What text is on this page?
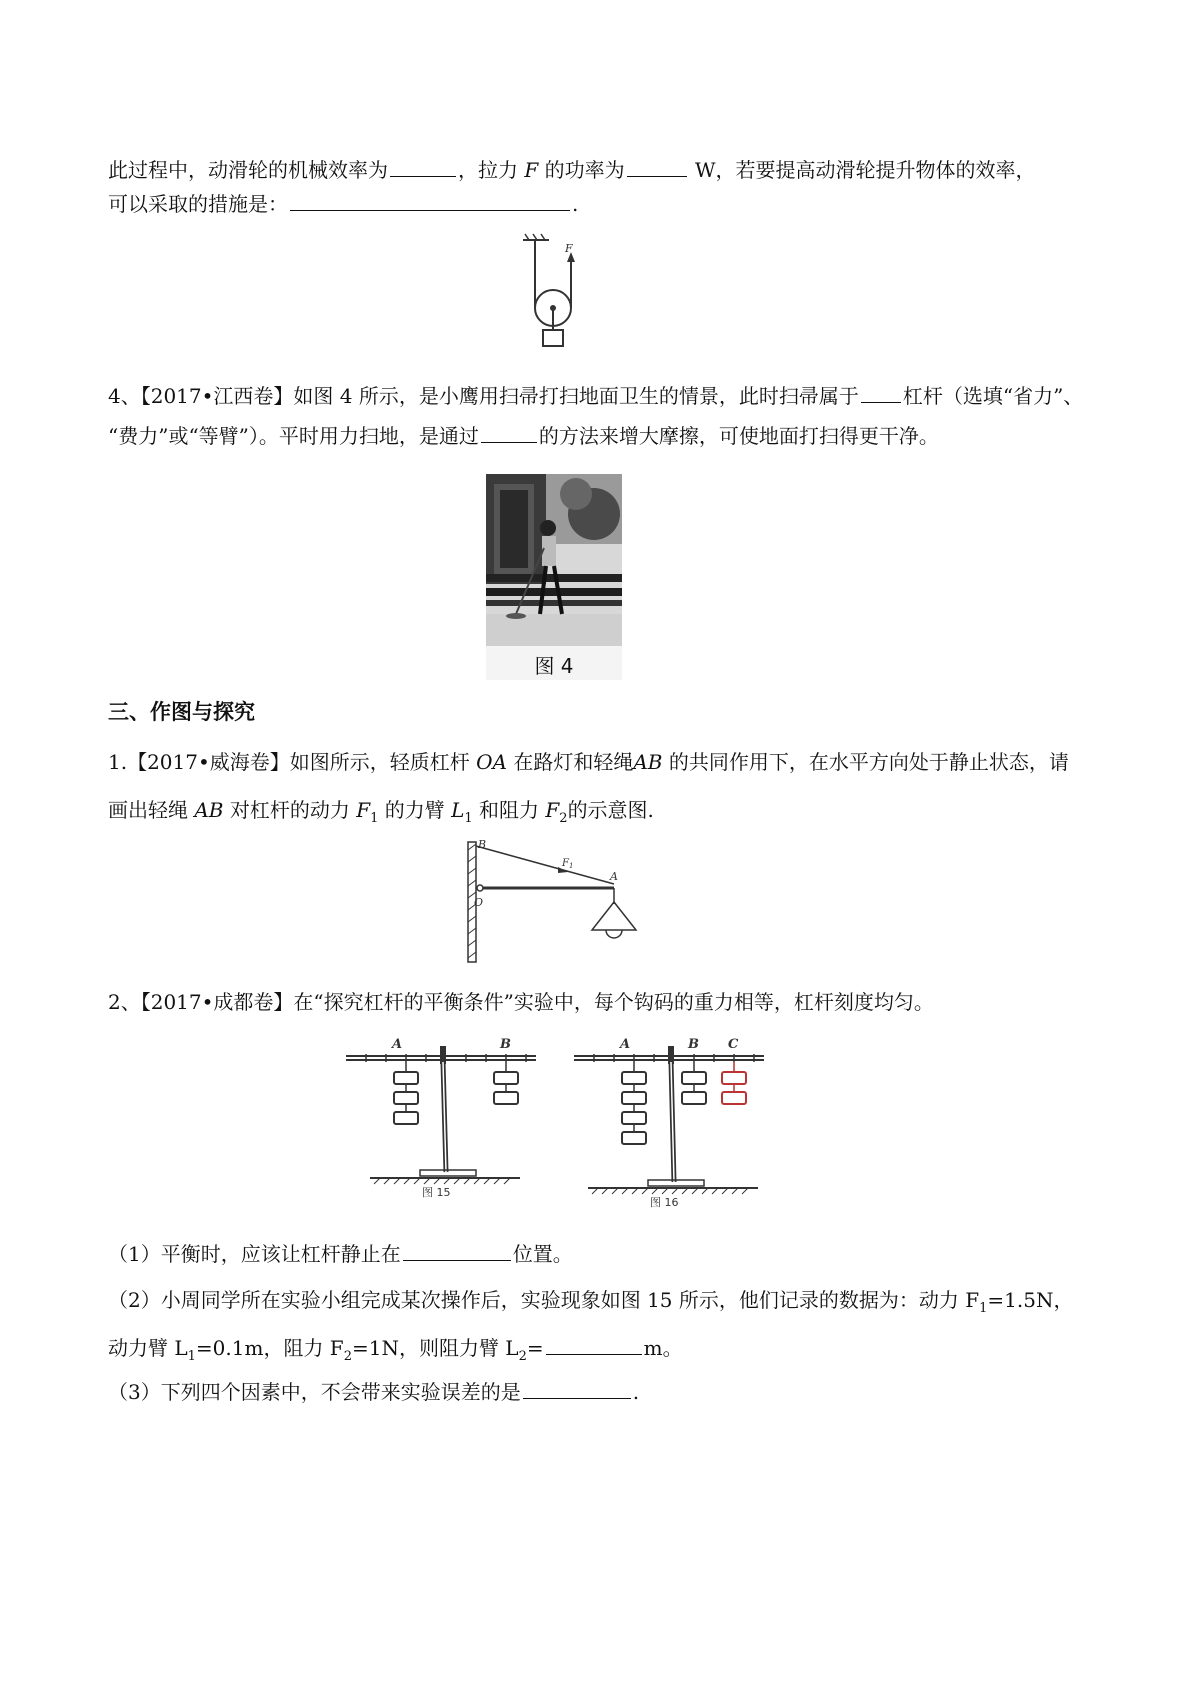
此过程中，动滑轮的机械效率为	，拉力 F 的功率为	W，若要提高动滑轮提升物体的效率，
可以采取的措施是：	.
F
4、【2017•江西卷】如图 4 所示，是小鹰用扫帚打扫地面卫生的情景，此时扫帚属于 杠杆（选填“省力”、
“费力”或“等臂”）。平时用力扫地，是通过	的方法来增大摩擦，可使地面打扫得更干净。
图 4
三、作图与探究
1.【2017•威海卷】如图所示，轻质杠杆 OA 在路灯和轻绳AB 的共同作用下，在水平方向处于静止状态，请
画出轻绳 AB 对杠杆的动力 $F_1$ 的力臂 $L_1$ 和阻力 $F_2$的示意图.
B
O
A
$F_1$
2、【2017•成都卷】在“探究杠杆的平衡条件”实验中，每个钩码的重力相等，杠杆刻度均匀。
A	B
图 15
A	B C
图 16
（1）平衡时，应该让杠杆静止在	位置。
（2）小周同学所在实验小组完成某次操作后，实验现象如图 15 所示，他们记录的数据为：动力 $F_1=1.5N$，
动力臂 $L_1=0.1m$，阻力 $F_2=1N$，则阻力臂 $L_2=$	m。
（3）下列四个因素中，不会带来实验误差的是	.
